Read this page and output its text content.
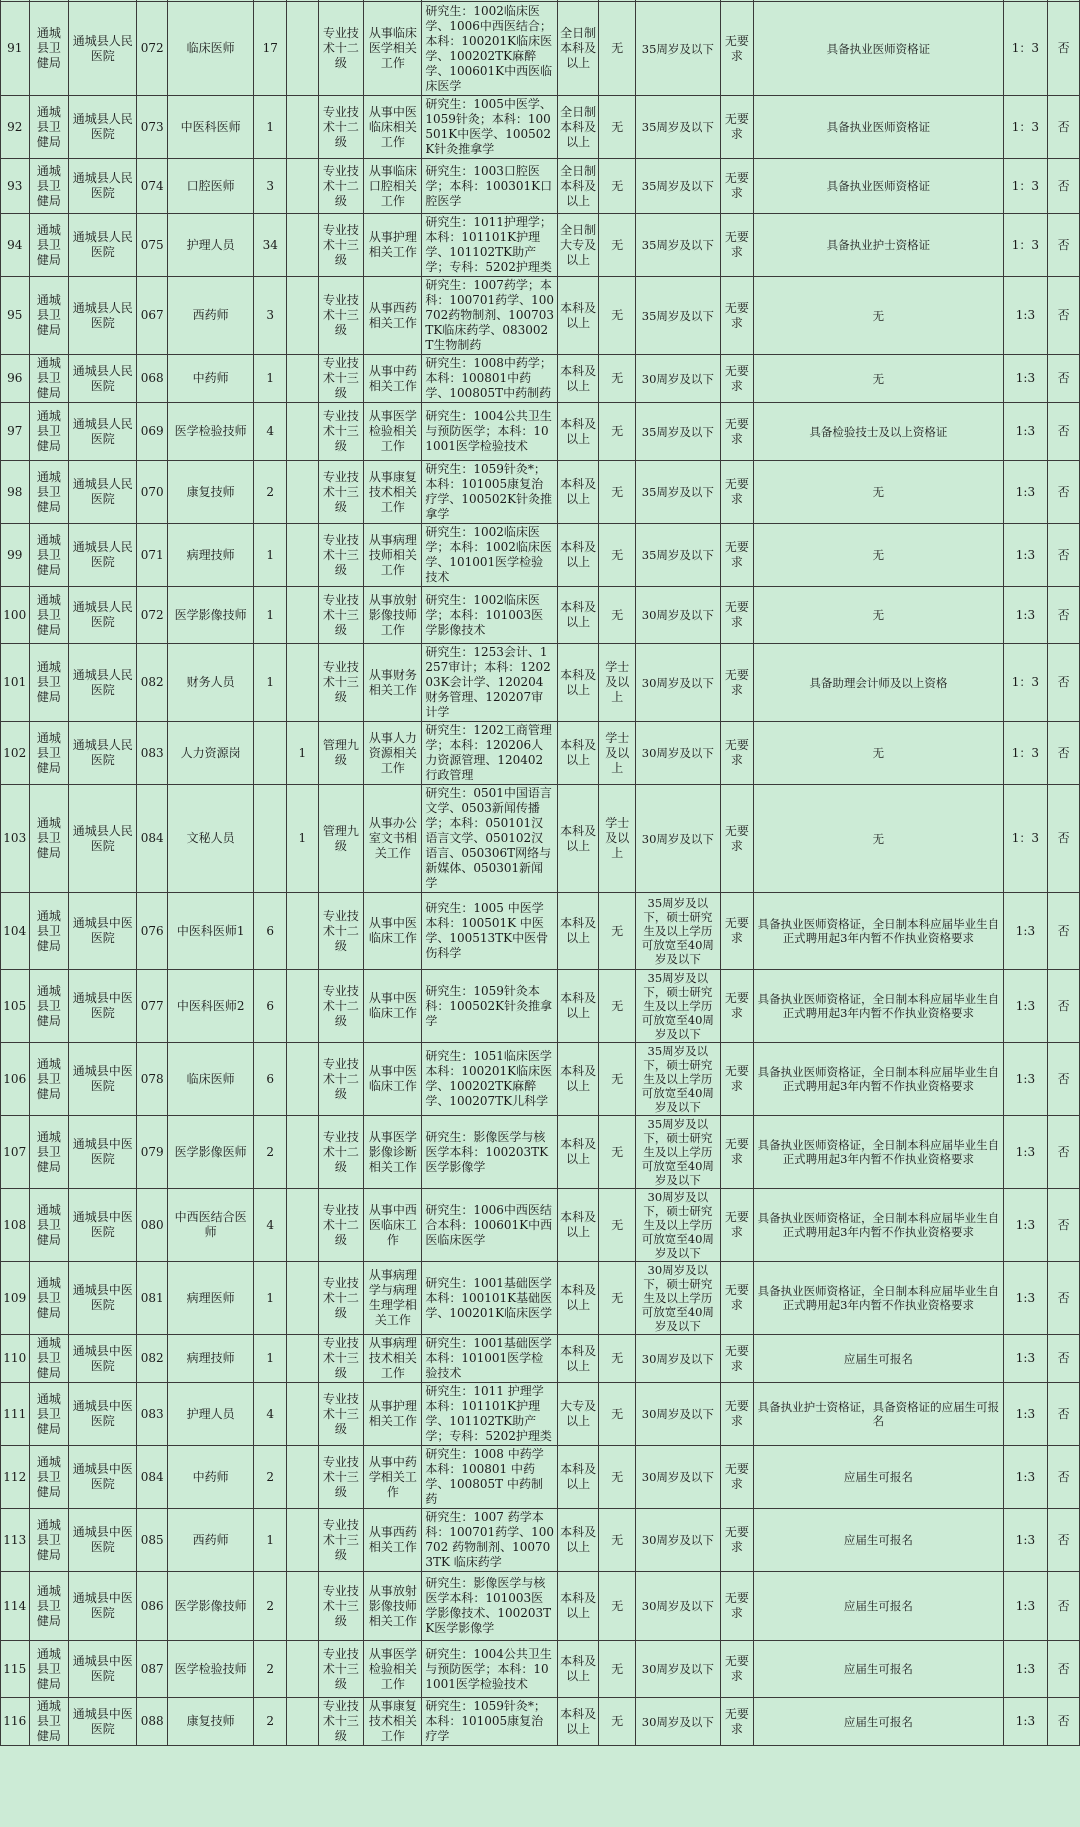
91	通城县卫健局	通城县人民医院	072	临床医师	17		专业技术十二级	从事临床医学相关工作	研究生：1002临床医学、1006中西医结合；本科：100201K临床医学、100202TK麻醉学、100601K中西医临床医学	全日制本科及以上	无	35周岁及以下	无要求	具备执业医师资格证	1：3	否
92	通城县卫健局	通城县人民医院	073	中医科医师	1		专业技术十二级	从事中医临床相关工作	研究生：1005中医学、1059针灸；本科：100501K中医学、100502K针灸推拿学	全日制本科及以上	无	35周岁及以下	无要求	具备执业医师资格证	1：3	否
93	通城县卫健局	通城县人民医院	074	口腔医师	3		专业技术十二级	从事临床口腔相关工作	研究生：1003口腔医学；本科：100301K口腔医学	全日制本科及以上	无	35周岁及以下	无要求	具备执业医师资格证	1：3	否
94	通城县卫健局	通城县人民医院	075	护理人员	34		专业技术十三级	从事护理相关工作	研究生：1011护理学；本科：101101K护理学、101102TK助产学；专科：5202护理类	全日制大专及以上	无	35周岁及以下	无要求	具备执业护士资格证	1：3	否
95	通城县卫健局	通城县人民医院	067	西药师	3		专业技术十三级	从事西药相关工作	研究生：1007药学；本科：100701药学、100702药物制剂、100703TK临床药学、083002T生物制药	本科及以上	无	35周岁及以下	无要求	无	1:3	否
96	通城县卫健局	通城县人民医院	068	中药师	1		专业技术十三级	从事中药相关工作	研究生：1008中药学；本科：100801中药学、100805T中药制药	本科及以上	无	30周岁及以下	无要求	无	1:3	否
97	通城县卫健局	通城县人民医院	069	医学检验技师	4		专业技术十三级	从事医学检验相关工作	研究生：1004公共卫生与预防医学；本科：101001医学检验技术	本科及以上	无	35周岁及以下	无要求	具备检验技士及以上资格证	1:3	否
98	通城县卫健局	通城县人民医院	070	康复技师	2		专业技术十三级	从事康复技术相关工作	研究生：1059针灸*；本科：101005康复治疗学、100502K针灸推拿学	本科及以上	无	35周岁及以下	无要求	无	1:3	否
99	通城县卫健局	通城县人民医院	071	病理技师	1		专业技术十三级	从事病理技师相关工作	研究生：1002临床医学；本科：1002临床医学、101001医学检验技术	本科及以上	无	35周岁及以下	无要求	无	1:3	否
100	通城县卫健局	通城县人民医院	072	医学影像技师	1		专业技术十三级	从事放射影像技师工作	研究生：1002临床医学；本科：101003医学影像技术	本科及以上	无	30周岁及以下	无要求	无	1:3	否
101	通城县卫健局	通城县人民医院	082	财务人员	1		专业技术十三级	从事财务相关工作	研究生：1253会计、1257审计；本科：120203K会计学、120204财务管理、120207审计学	本科及以上	学士及以上	30周岁及以下	无要求	具备助理会计师及以上资格	1：3	否
102	通城县卫健局	通城县人民医院	083	人力资源岗		1	管理九级	从事人力资源相关工作	研究生：1202工商管理学；本科：120206人力资源管理、120402行政管理	本科及以上	学士及以上	30周岁及以下	无要求	无	1：3	否
103	通城县卫健局	通城县人民医院	084	文秘人员		1	管理九级	从事办公室文书相关工作	研究生：0501中国语言文学、0503新闻传播学；本科：050101汉语言文学、050102汉语言、050306T网络与新媒体、050301新闻学	本科及以上	学士及以上	30周岁及以下	无要求	无	1：3	否
104	通城县卫健局	通城县中医医院	076	中医科医师1	6		专业技术十二级	从事中医临床工作	研究生：1005 中医学本科：100501K 中医学、100513TK中医骨伤科学	本科及以上	无	35周岁及以下，硕士研究生及以上学历可放宽至40周岁及以下	无要求	具备执业医师资格证，全日制本科应届毕业生自正式聘用起3年内暂不作执业资格要求	1:3	否
105	通城县卫健局	通城县中医医院	077	中医科医师2	6		专业技术十二级	从事中医临床工作	研究生：1059针灸本科：100502K针灸推拿学	本科及以上	无	35周岁及以下，硕士研究生及以上学历可放宽至40周岁及以下	无要求	具备执业医师资格证，全日制本科应届毕业生自正式聘用起3年内暂不作执业资格要求	1:3	否
106	通城县卫健局	通城县中医医院	078	临床医师	6		专业技术十二级	从事中医临床工作	研究生：1051临床医学本科：100201K临床医学、100202TK麻醉学、100207TK儿科学	本科及以上	无	35周岁及以下，硕士研究生及以上学历可放宽至40周岁及以下	无要求	具备执业医师资格证，全日制本科应届毕业生自正式聘用起3年内暂不作执业资格要求	1:3	否
107	通城县卫健局	通城县中医医院	079	医学影像医师	2		专业技术十二级	从事医学影像诊断相关工作	研究生：影像医学与核医学本科：100203TK医学影像学	本科及以上	无	35周岁及以下，硕士研究生及以上学历可放宽至40周岁及以下	无要求	具备执业医师资格证，全日制本科应届毕业生自正式聘用起3年内暂不作执业资格要求	1:3	否
108	通城县卫健局	通城县中医医院	080	中西医结合医师	4		专业技术十二级	从事中西医临床工作	研究生：1006中西医结合本科：100601K中西医临床医学	本科及以上	无	30周岁及以下，硕士研究生及以上学历可放宽至40周岁及以下	无要求	具备执业医师资格证，全日制本科应届毕业生自正式聘用起3年内暂不作执业资格要求	1:3	否
109	通城县卫健局	通城县中医医院	081	病理医师	1		专业技术十二级	从事病理学与病理生理学相关工作	研究生：1001基础医学本科：100101K基础医学、100201K临床医学	本科及以上	无	30周岁及以下，硕士研究生及以上学历可放宽至40周岁及以下	无要求	具备执业医师资格证，全日制本科应届毕业生自正式聘用起3年内暂不作执业资格要求	1:3	否
110	通城县卫健局	通城县中医医院	082	病理技师	1		专业技术十三级	从事病理技术相关工作	研究生：1001基础医学本科：101001医学检验技术	本科及以上	无	30周岁及以下	无要求	应届生可报名	1:3	否
111	通城县卫健局	通城县中医医院	083	护理人员	4		专业技术十三级	从事护理相关工作	研究生：1011 护理学本科：101101K护理学、101102TK助产学；专科：5202护理类	大专及以上	无	30周岁及以下	无要求	具备执业护士资格证，具备资格证的应届生可报名	1:3	否
112	通城县卫健局	通城县中医医院	084	中药师	2		专业技术十三级	从事中药学相关工作	研究生：1008 中药学本科：100801 中药学、100805T 中药制药	本科及以上	无	30周岁及以下	无要求	应届生可报名	1:3	否
113	通城县卫健局	通城县中医医院	085	西药师	1		专业技术十三级	从事西药相关工作	研究生：1007 药学本科：100701药学、100702 药物制剂、100703TK 临床药学	本科及以上	无	30周岁及以下	无要求	应届生可报名	1:3	否
114	通城县卫健局	通城县中医医院	086	医学影像技师	2		专业技术十三级	从事放射影像技师相关工作	研究生：影像医学与核医学本科：101003医学影像技术、100203TK医学影像学	本科及以上	无	30周岁及以下	无要求	应届生可报名	1:3	否
115	通城县卫健局	通城县中医医院	087	医学检验技师	2		专业技术十三级	从事医学检验相关工作	研究生：1004公共卫生与预防医学；本科：101001医学检验技术	本科及以上	无	30周岁及以下	无要求	应届生可报名	1:3	否
116	通城县卫健局	通城县中医医院	088	康复技师	2		专业技术十三级	从事康复技术相关工作	研究生：1059针灸*；本科：101005康复治疗学	本科及以上	无	30周岁及以下	无要求	应届生可报名	1:3	否
